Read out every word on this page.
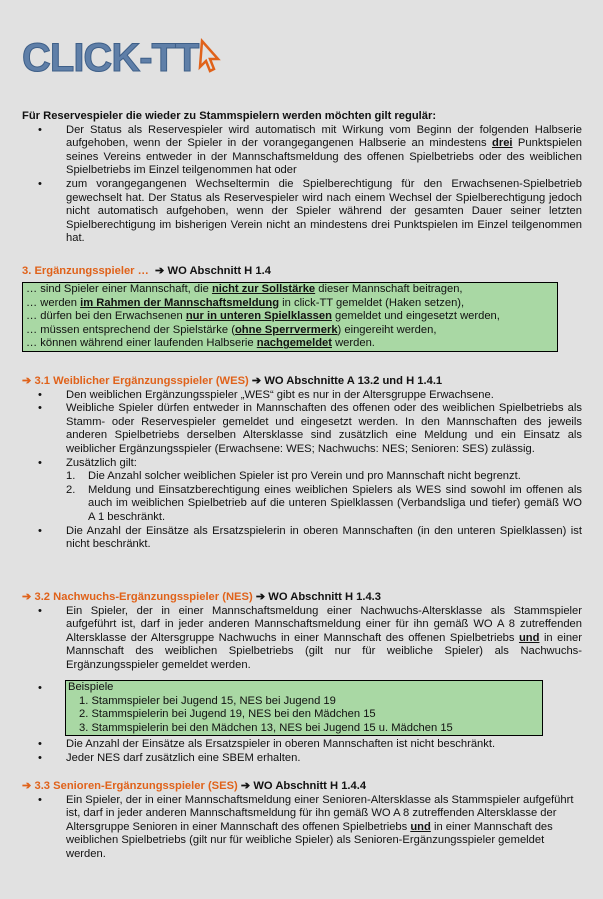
CLICK-TT
Für Reservespieler die wieder zu Stammspielern werden möchten gilt regulär:
• Der Status als Reservespieler wird automatisch mit Wirkung vom Beginn der folgenden Halbserie aufgehoben, wenn der Spieler in der vorangegangenen Halbserie an mindestens drei Punktspielen seines Vereins entweder in der Mannschaftsmeldung des offenen Spielbetriebs oder des weiblichen Spielbetriebs im Einzel teilgenommen hat oder
• zum vorangegangenen Wechseltermin die Spielberechtigung für den Erwachsenen-Spielbetrieb gewechselt hat. Der Status als Reservespieler wird nach einem Wechsel der Spielberechtigung jedoch nicht automatisch aufgehoben, wenn der Spieler während der gesamten Dauer seiner letzten Spielberechtigung im bisherigen Verein nicht an mindestens drei Punktspielen im Einzel teilgenommen hat.
3. Ergänzungsspieler … ➔ WO Abschnitt H 1.4
… sind Spieler einer Mannschaft, die nicht zur Sollstärke dieser Mannschaft beitragen,
… werden im Rahmen der Mannschaftsmeldung in click-TT gemeldet (Haken setzen),
… dürfen bei den Erwachsenen nur in unteren Spielklassen gemeldet und eingesetzt werden,
… müssen entsprechend der Spielstärke (ohne Sperrvermerk) eingereiht werden,
… können während einer laufenden Halbserie nachgemeldet werden.
➔ 3.1 Weiblicher Ergänzungsspieler (WES) ➔ WO Abschnitte A 13.2 und H 1.4.1
• Den weiblichen Ergänzungsspieler „WES“ gibt es nur in der Altersgruppe Erwachsene.
• Weibliche Spieler dürfen entweder in Mannschaften des offenen oder des weiblichen Spielbetriebs als Stamm- oder Reservespieler gemeldet und eingesetzt werden. In den Mannschaften des jeweils anderen Spielbetriebs derselben Altersklasse sind zusätzlich eine Meldung und ein Einsatz als weiblicher Ergänzungsspieler (Erwachsene: WES; Nachwuchs: NES; Senioren: SES) zulässig.
• Zusätzlich gilt:
1. Die Anzahl solcher weiblichen Spieler ist pro Verein und pro Mannschaft nicht begrenzt.
2. Meldung und Einsatzberechtigung eines weiblichen Spielers als WES sind sowohl im offenen als auch im weiblichen Spielbetrieb auf die unteren Spielklassen (Verbandsliga und tiefer) gemäß WO A 1 beschränkt.
• Die Anzahl der Einsätze als Ersatzspielerin in oberen Mannschaften (in den unteren Spielklassen) ist nicht beschränkt.
➔ 3.2 Nachwuchs-Ergänzungsspieler (NES) ➔ WO Abschnitt H 1.4.3
• Ein Spieler, der in einer Mannschaftsmeldung einer Nachwuchs-Altersklasse als Stammspieler aufgeführt ist, darf in jeder anderen Mannschaftsmeldung einer für ihn gemäß WO A 8 zutreffenden Altersklasse der Altersgruppe Nachwuchs in einer Mannschaft des offenen Spielbetriebs und in einer Mannschaft des weiblichen Spielbetriebs (gilt nur für weibliche Spieler) als Nachwuchs-Ergänzungsspieler gemeldet werden.
• Beispiele
1. Stammspieler bei Jugend 15, NES bei Jugend 19
2. Stammspielerin bei Jugend 19, NES bei den Mädchen 15
3. Stammspielerin bei den Mädchen 13, NES bei Jugend 15 u. Mädchen 15
• Die Anzahl der Einsätze als Ersatzspieler in oberen Mannschaften ist nicht beschränkt.
• Jeder NES darf zusätzlich eine SBEM erhalten.
➔ 3.3 Senioren-Ergänzungsspieler (SES) ➔ WO Abschnitt H 1.4.4
• Ein Spieler, der in einer Mannschaftsmeldung einer Senioren-Altersklasse als Stammspieler aufgeführt ist, darf in jeder anderen Mannschaftsmeldung für ihn gemäß WO A 8 zutreffenden Altersklasse der Altersgruppe Senioren in einer Mannschaft des offenen Spielbetriebs und in einer Mannschaft des weiblichen Spielbetriebs (gilt nur für weibliche Spieler) als Senioren-Ergänzungsspieler gemeldet werden.
